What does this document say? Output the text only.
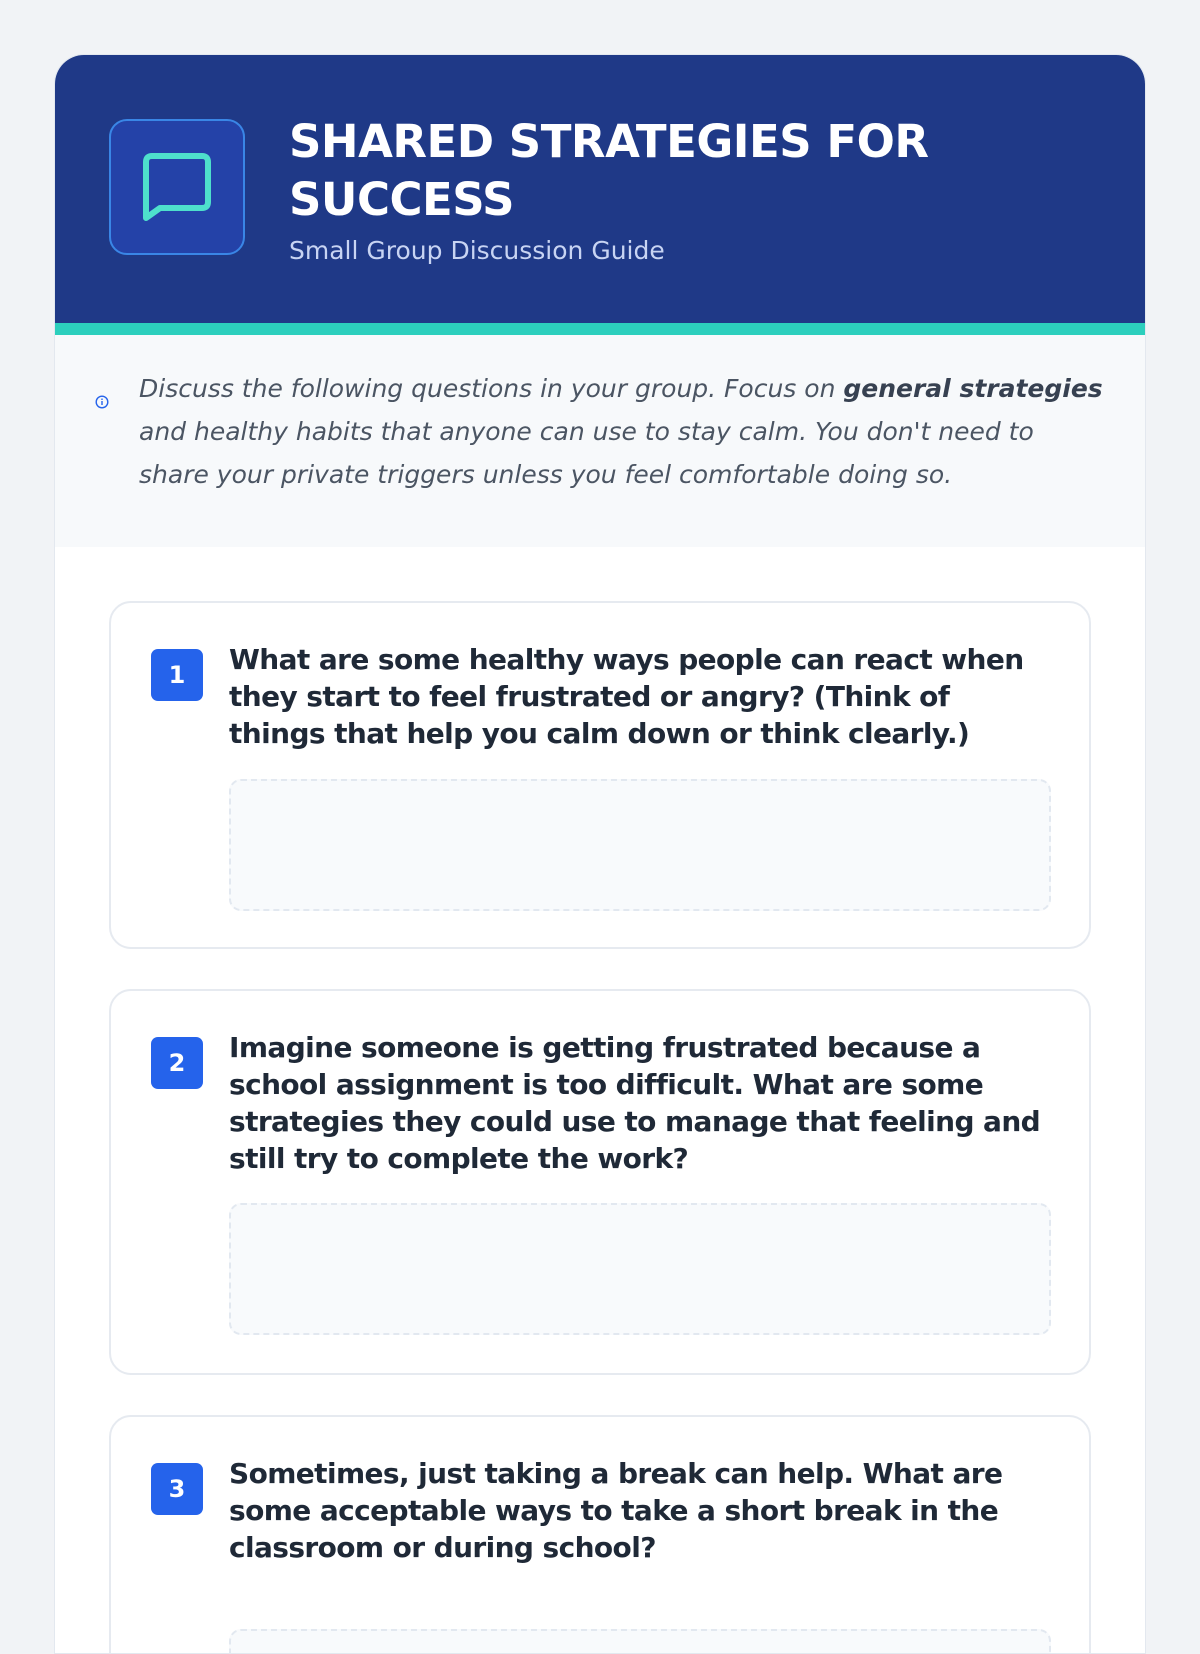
SHARED STRATEGIES FOR SUCCESS
Small Group Discussion Guide

Discuss the following questions in your group. Focus on general strategies and healthy habits that anyone can use to stay calm. You don't need to share your private triggers unless you feel comfortable doing so.

1	What are some healthy ways people can react when they start to feel frustrated or angry? (Think of things that help you calm down or think clearly.)

2	Imagine someone is getting frustrated because a school assignment is too difficult. What are some strategies they could use to manage that feeling and still try to complete the work?

3	Sometimes, just taking a break can help. What are some acceptable ways to take a short break in the classroom or during school?
